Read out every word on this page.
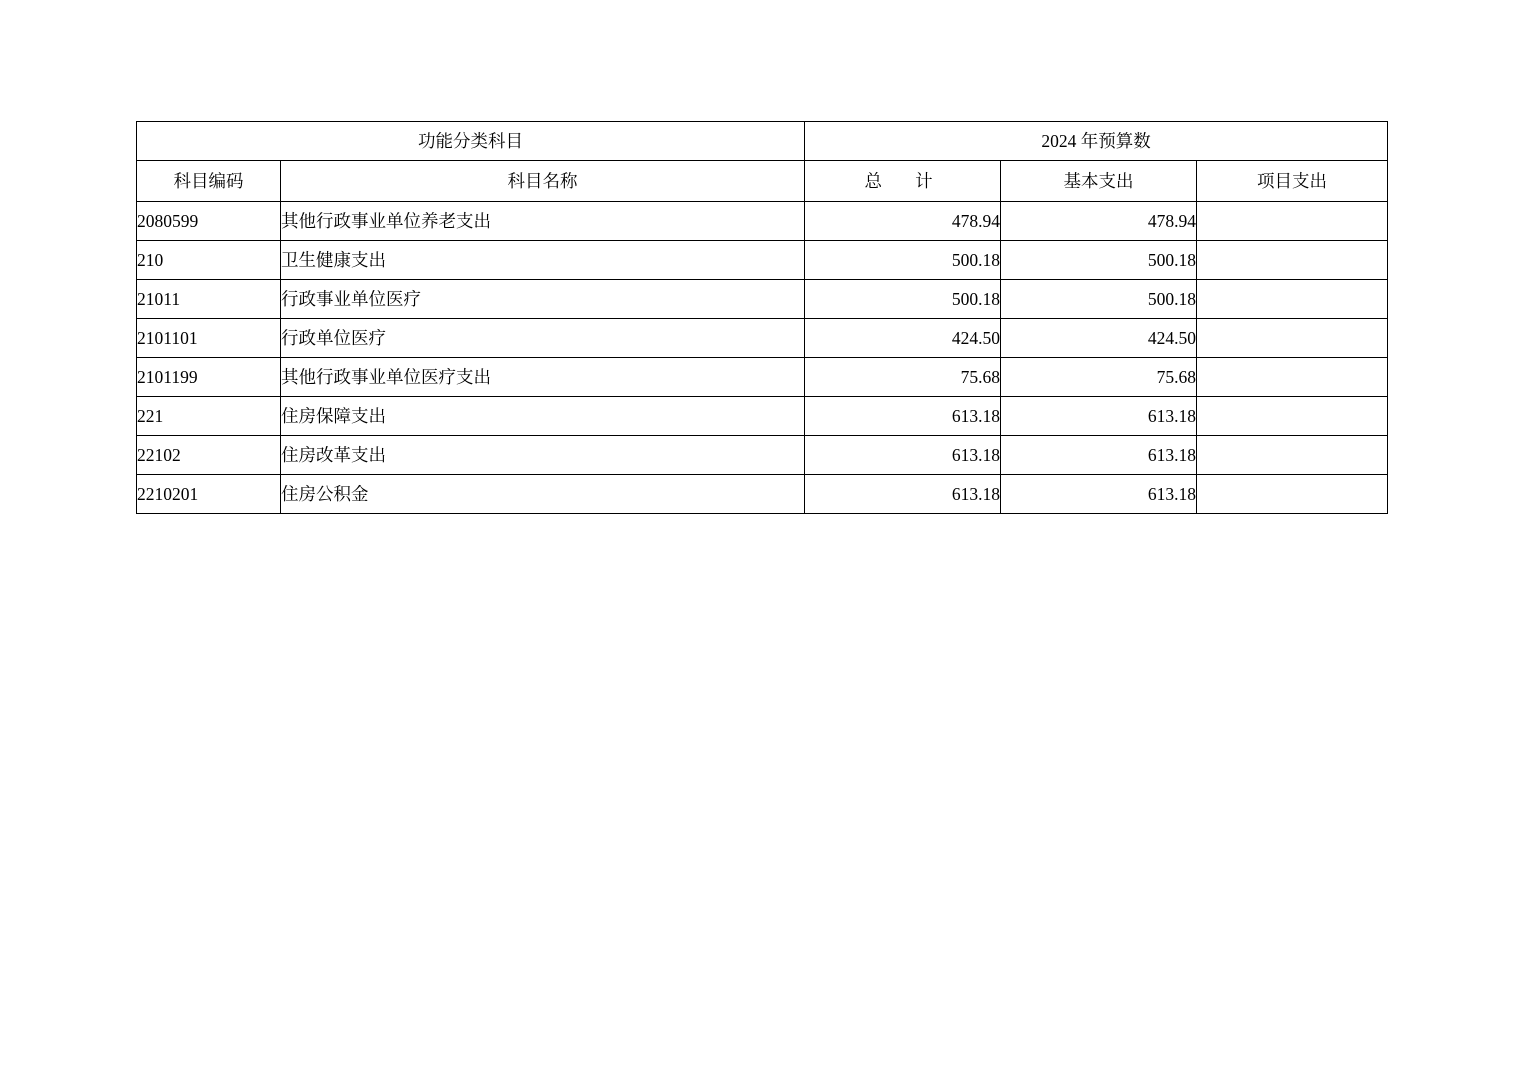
功能分类科目		2024 年预算数		
科目编码	科目名称	总　计	基本支出	项目支出
2080599	其他行政事业单位养老支出	478.94	478.94	
210	卫生健康支出	500.18	500.18	
21011	行政事业单位医疗	500.18	500.18	
2101101	行政单位医疗	424.50	424.50	
2101199	其他行政事业单位医疗支出	75.68	75.68	
221	住房保障支出	613.18	613.18	
22102	住房改革支出	613.18	613.18	
2210201	住房公积金	613.18	613.18	
